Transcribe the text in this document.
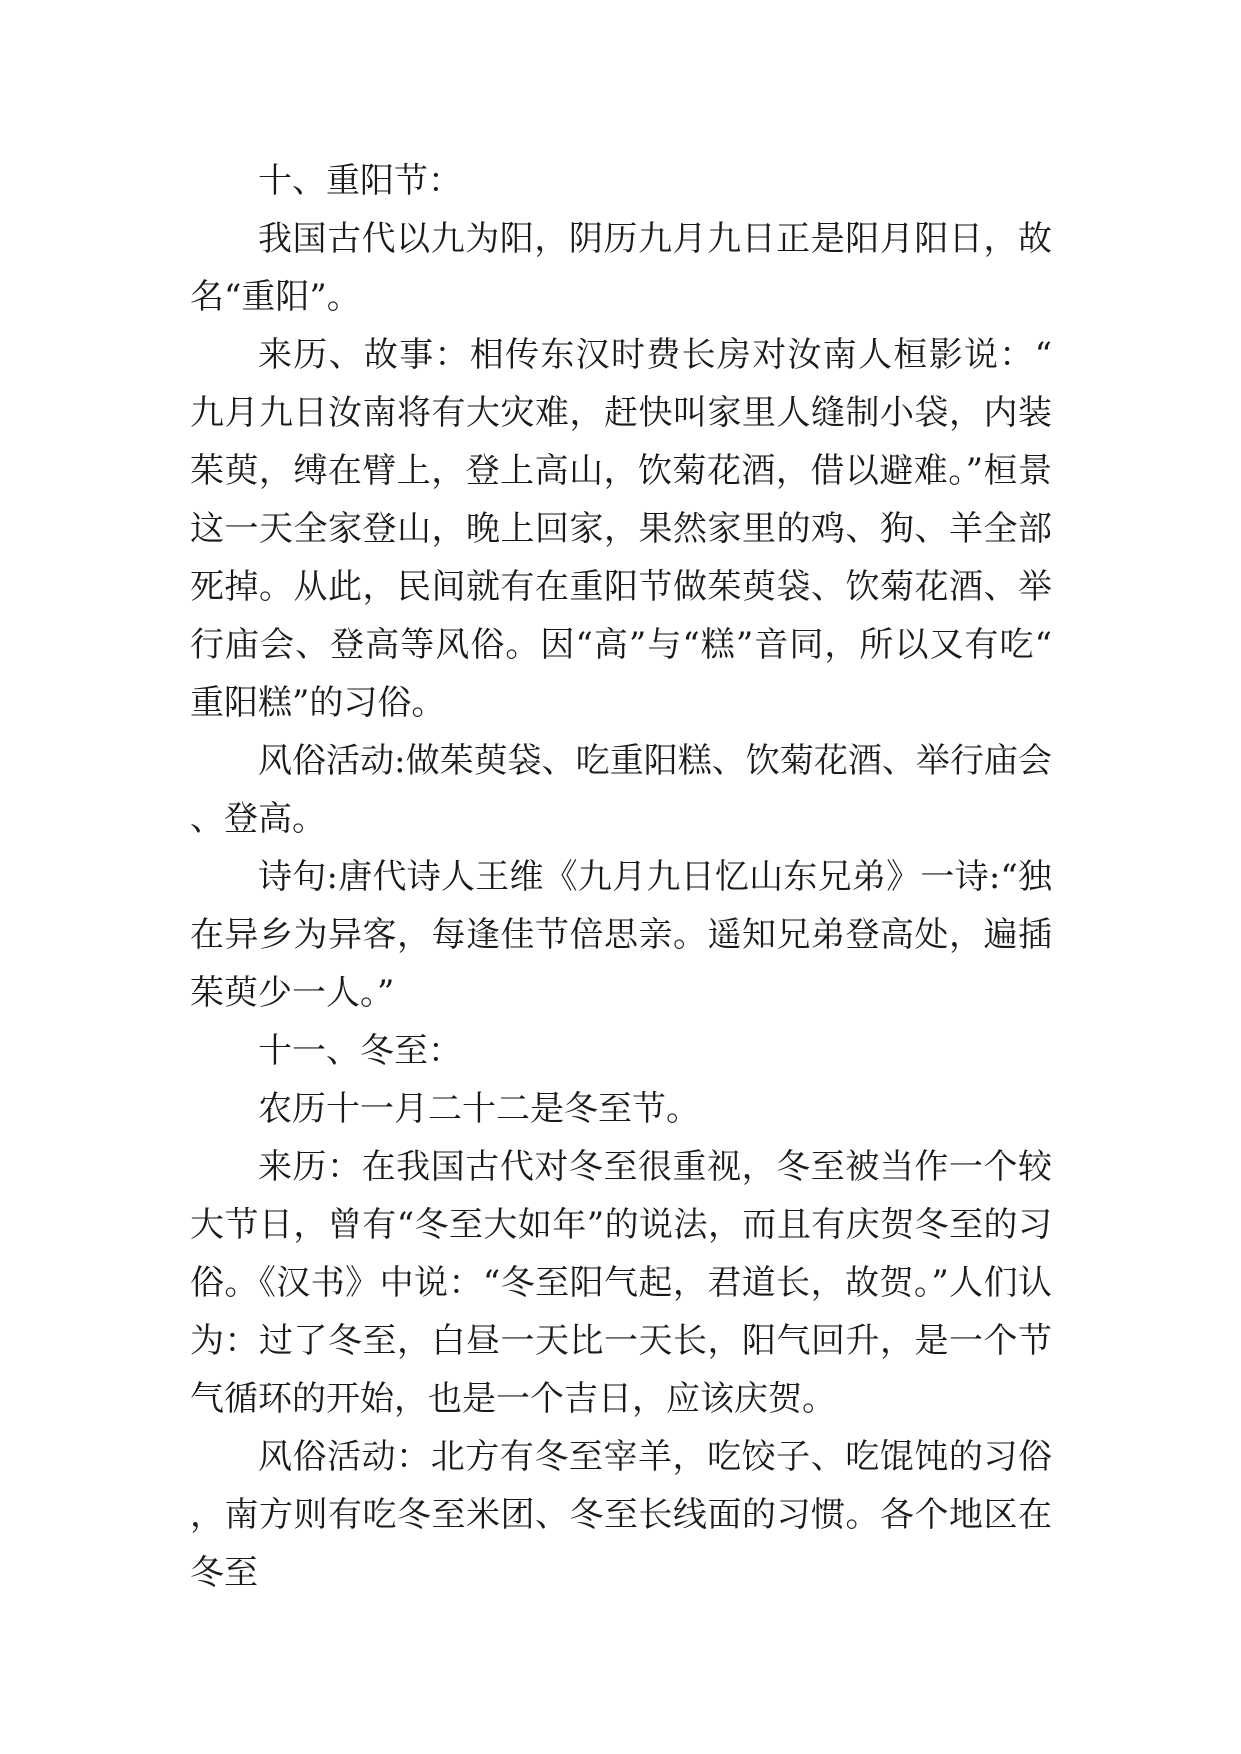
十、重阳节：

我国古代以九为阳，阴历九月九日正是阳月阳日，故名“重阳”。

来历、故事：相传东汉时费长房对汝南人桓影说：“九月九日汝南将有大灾难，赶快叫家里人缝制小袋，内装茱萸，缚在臂上，登上高山，饮菊花酒，借以避难。”桓景这一天全家登山，晚上回家，果然家里的鸡、狗、羊全部死掉。从此，民间就有在重阳节做茱萸袋、饮菊花酒、举行庙会、登高等风俗。因“高”与“糕”音同，所以又有吃“重阳糕”的习俗。

风俗活动:做茱萸袋、吃重阳糕、饮菊花酒、举行庙会、登高。

诗句:唐代诗人王维《九月九日忆山东兄弟》一诗:“独在异乡为异客，每逢佳节倍思亲。遥知兄弟登高处，遍插茱萸少一人。”

十一、冬至：

农历十一月二十二是冬至节。

来历：在我国古代对冬至很重视，冬至被当作一个较大节日，曾有“冬至大如年”的说法，而且有庆贺冬至的习俗。《汉书》中说：“冬至阳气起，君道长，故贺。”人们认为：过了冬至，白昼一天比一天长，阳气回升，是一个节气循环的开始，也是一个吉日，应该庆贺。

风俗活动：北方有冬至宰羊，吃饺子、吃馄饨的习俗，南方则有吃冬至米团、冬至长线面的习惯。各个地区在冬至
